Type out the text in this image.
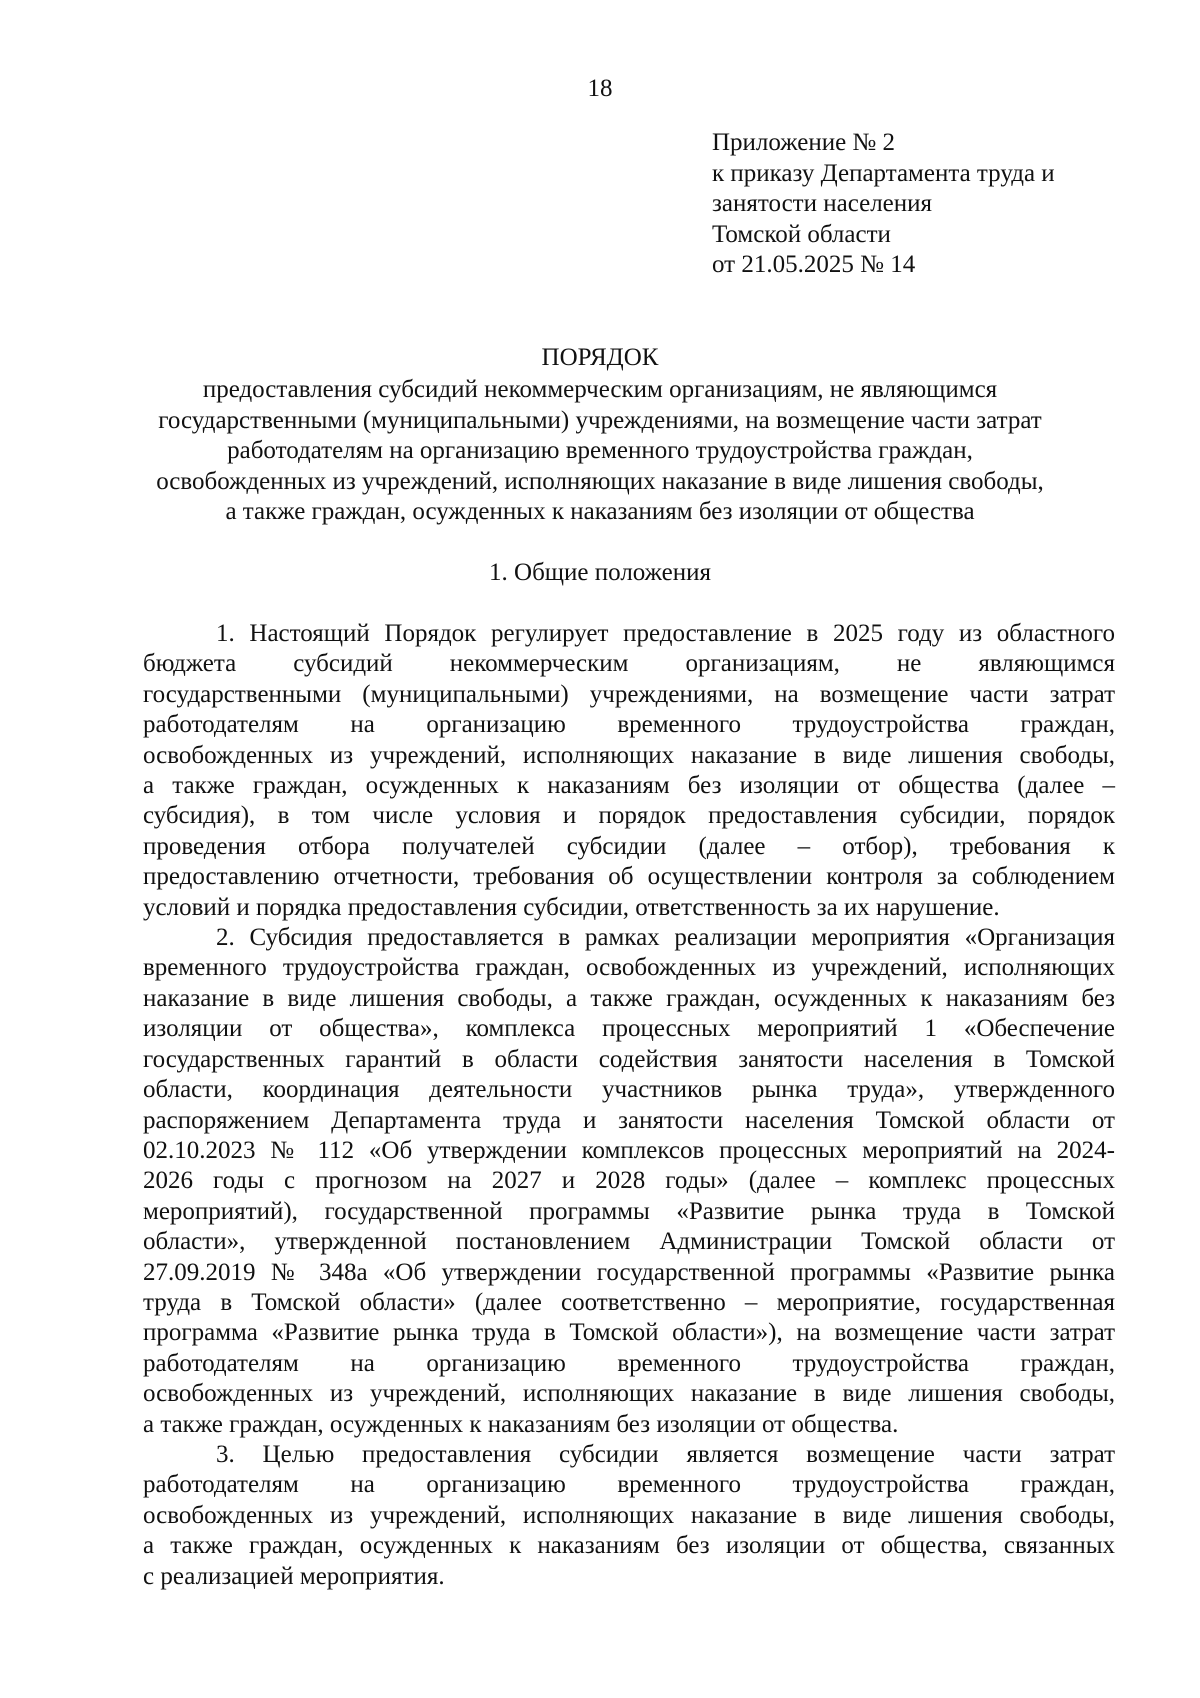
18

Приложение № 2
к приказу Департамента труда и
занятости населения
Томской области
от 21.05.2025 № 14
ПОРЯДОК
предоставления субсидий некоммерческим организациям, не являющимся
государственными (муниципальными) учреждениями, на возмещение части затрат
работодателям на организацию временного трудоустройства граждан,
освобожденных из учреждений, исполняющих наказание в виде лишения свободы,
а также граждан, осужденных к наказаниям без изоляции от общества
1. Общие положения
1. Настоящий Порядок регулирует предоставление в 2025 году из областного
бюджета субсидий некоммерческим организациям, не являющимся
государственными (муниципальными) учреждениями, на возмещение части затрат
работодателям на организацию временного трудоустройства граждан,
освобожденных из учреждений, исполняющих наказание в виде лишения свободы,
а также граждан, осужденных к наказаниям без изоляции от общества (далее –
субсидия), в том числе условия и порядок предоставления субсидии, порядок
проведения отбора получателей субсидии (далее – отбор), требования к
предоставлению отчетности, требования об осуществлении контроля за соблюдением
условий и порядка предоставления субсидии, ответственность за их нарушение.
2. Субсидия предоставляется в рамках реализации мероприятия «Организация
временного трудоустройства граждан, освобожденных из учреждений, исполняющих
наказание в виде лишения свободы, а также граждан, осужденных к наказаниям без
изоляции от общества», комплекса процессных мероприятий 1 «Обеспечение
государственных гарантий в области содействия занятости населения в Томской
области, координация деятельности участников рынка труда», утвержденного
распоряжением Департамента труда и занятости населения Томской области от
02.10.2023 № 112 «Об утверждении комплексов процессных мероприятий на 2024-
2026 годы с прогнозом на 2027 и 2028 годы» (далее – комплекс процессных
мероприятий), государственной программы «Развитие рынка труда в Томской
области», утвержденной постановлением Администрации Томской области от
27.09.2019 № 348а «Об утверждении государственной программы «Развитие рынка
труда в Томской области» (далее соответственно – мероприятие, государственная
программа «Развитие рынка труда в Томской области»), на возмещение части затрат
работодателям на организацию временного трудоустройства граждан,
освобожденных из учреждений, исполняющих наказание в виде лишения свободы,
а также граждан, осужденных к наказаниям без изоляции от общества.
3. Целью предоставления субсидии является возмещение части затрат
работодателям на организацию временного трудоустройства граждан,
освобожденных из учреждений, исполняющих наказание в виде лишения свободы,
а также граждан, осужденных к наказаниям без изоляции от общества, связанных
с реализацией мероприятия.
